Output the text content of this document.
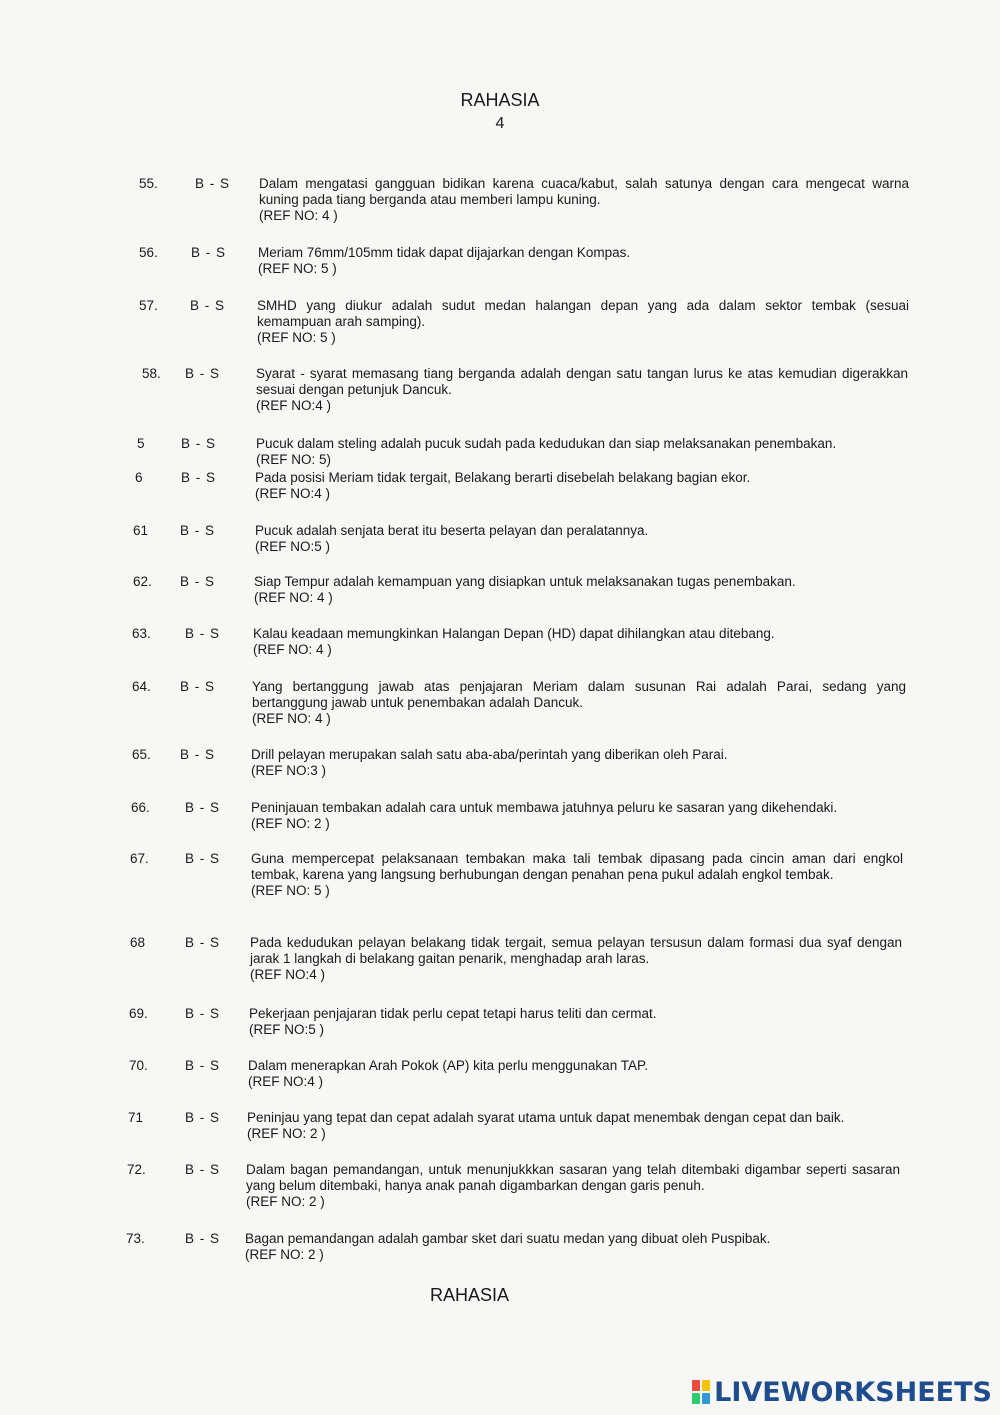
RAHASIA
4
55.	B - S	Dalam mengatasi gangguan bidikan karena cuaca/kabut, salah satunya dengan cara mengecat warna kuning pada tiang berganda atau memberi lampu kuning.
(REF NO: 4 )
56.	B - S	Meriam 76mm/105mm tidak dapat dijajarkan dengan Kompas.
(REF NO: 5 )
57.	B - S	SMHD yang diukur adalah sudut medan halangan depan yang ada dalam sektor tembak (sesuai kemampuan arah samping).
(REF NO: 5 )
58.	B - S	Syarat - syarat memasang tiang berganda adalah dengan satu tangan lurus ke atas kemudian digerakkan sesuai dengan petunjuk Dancuk.
(REF NO:4 )
5	B - S	Pucuk dalam steling adalah pucuk sudah pada kedudukan dan siap melaksanakan penembakan.
(REF NO: 5)
6	B - S	Pada posisi Meriam tidak tergait, Belakang berarti disebelah belakang bagian ekor.
(REF NO:4 )
61	B - S	Pucuk adalah senjata berat itu beserta pelayan dan peralatannya.
(REF NO:5 )
62.	B - S	Siap Tempur adalah kemampuan yang disiapkan untuk melaksanakan tugas penembakan.
(REF NO: 4 )
63.	B - S	Kalau keadaan memungkinkan Halangan Depan (HD) dapat dihilangkan atau ditebang.
(REF NO: 4 )
64.	B - S	Yang bertanggung jawab atas penjajaran Meriam dalam susunan Rai adalah Parai, sedang yang bertanggung jawab untuk penembakan adalah Dancuk.
(REF NO: 4 )
65.	B - S	Drill pelayan merupakan salah satu aba-aba/perintah yang diberikan oleh Parai.
(REF NO:3 )
66.	B - S	Peninjauan tembakan adalah cara untuk membawa jatuhnya peluru ke sasaran yang dikehendaki.
(REF NO: 2 )
67.	B - S	Guna mempercepat pelaksanaan tembakan maka tali tembak dipasang pada cincin aman dari engkol tembak, karena yang langsung berhubungan dengan penahan pena pukul adalah engkol tembak.
(REF NO: 5 )
68	B - S	Pada kedudukan pelayan belakang tidak tergait, semua pelayan tersusun dalam formasi dua syaf dengan jarak 1 langkah di belakang gaitan penarik, menghadap arah laras.
(REF NO:4 )
69.	B - S	Pekerjaan penjajaran tidak perlu cepat tetapi harus teliti dan cermat.
(REF NO:5 )
70.	B - S	Dalam menerapkan Arah Pokok (AP) kita perlu menggunakan TAP.
(REF NO:4 )
71	B - S	Peninjau yang tepat dan cepat adalah syarat utama untuk dapat menembak dengan cepat dan baik.
(REF NO: 2 )
72.	B - S	Dalam bagan pemandangan, untuk menunjukkkan sasaran yang telah ditembaki digambar seperti sasaran yang belum ditembaki, hanya anak panah digambarkan dengan garis penuh.
(REF NO: 2 )
73.	B - S	Bagan pemandangan adalah gambar sket dari suatu medan yang dibuat oleh Puspibak.
(REF NO: 2 )
RAHASIA
LIVEWORKSHEETS
